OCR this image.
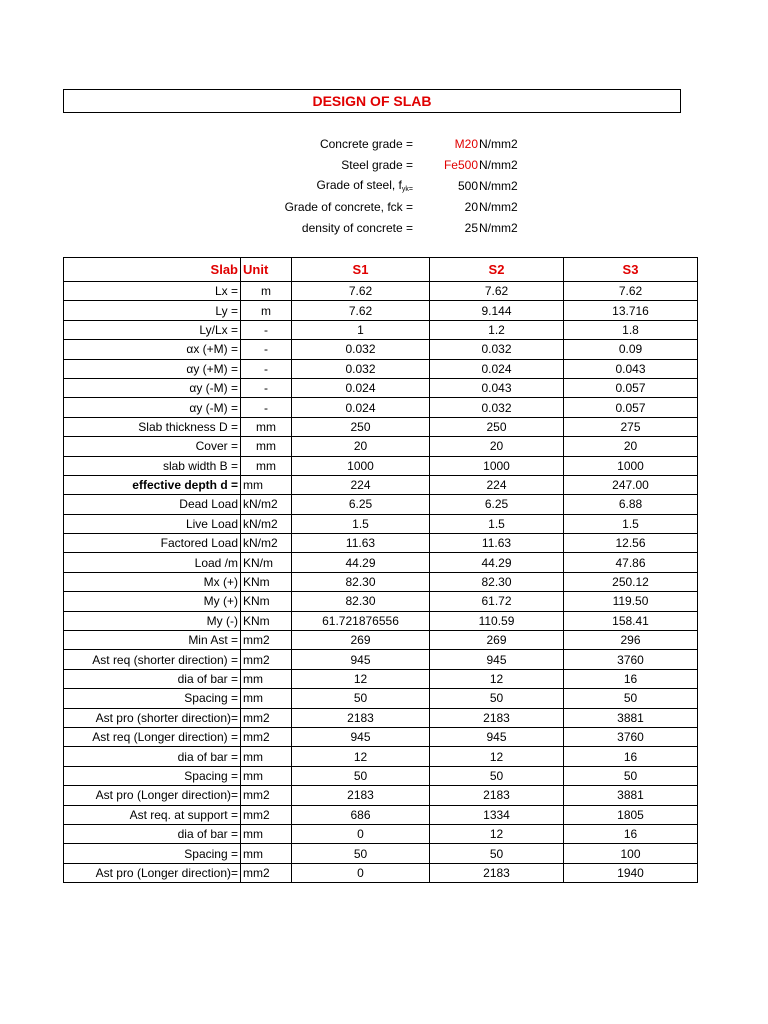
DESIGN OF SLAB
Concrete grade =	M20 N/mm2
Steel grade =	Fe500 N/mm2
Grade of steel, $f_{yk=}$	500 N/mm2
Grade of concrete, fck =	20 N/mm2
density of concrete =	25 N/mm2
Slab	Unit	S1	S2	S3
Lx =	m	7.62	7.62	7.62
Ly =	m	7.62	9.144	13.716
Ly/Lx =	-	1	1.2	1.8
αx (+M) =	-	0.032	0.032	0.09
αy (+M) =	-	0.032	0.024	0.043
αy (-M) =	-	0.024	0.043	0.057
αy (-M) =	-	0.024	0.032	0.057
Slab thickness D =	mm	250	250	275
Cover =	mm	20	20	20
slab width B =	mm	1000	1000	1000
effective depth d =	mm	224	224	247.00
Dead Load	kN/m2	6.25	6.25	6.88
Live Load	kN/m2	1.5	1.5	1.5
Factored Load	kN/m2	11.63	11.63	12.56
Load /m	KN/m	44.29	44.29	47.86
Mx (+)	KNm	82.30	82.30	250.12
My (+)	KNm	82.30	61.72	119.50
My (-)	KNm	61.721876556	110.59	158.41
Min Ast =	mm2	269	269	296
Ast req (shorter direction) =	mm2	945	945	3760
dia of bar =	mm	12	12	16
Spacing =	mm	50	50	50
Ast pro (shorter direction)=	mm2	2183	2183	3881
Ast req (Longer direction) =	mm2	945	945	3760
dia of bar =	mm	12	12	16
Spacing =	mm	50	50	50
Ast pro (Longer direction)=	mm2	2183	2183	3881
Ast req. at support =	mm2	686	1334	1805
dia of bar =	mm	0	12	16
Spacing =	mm	50	50	100
Ast pro (Longer direction)=	mm2	0	2183	1940
